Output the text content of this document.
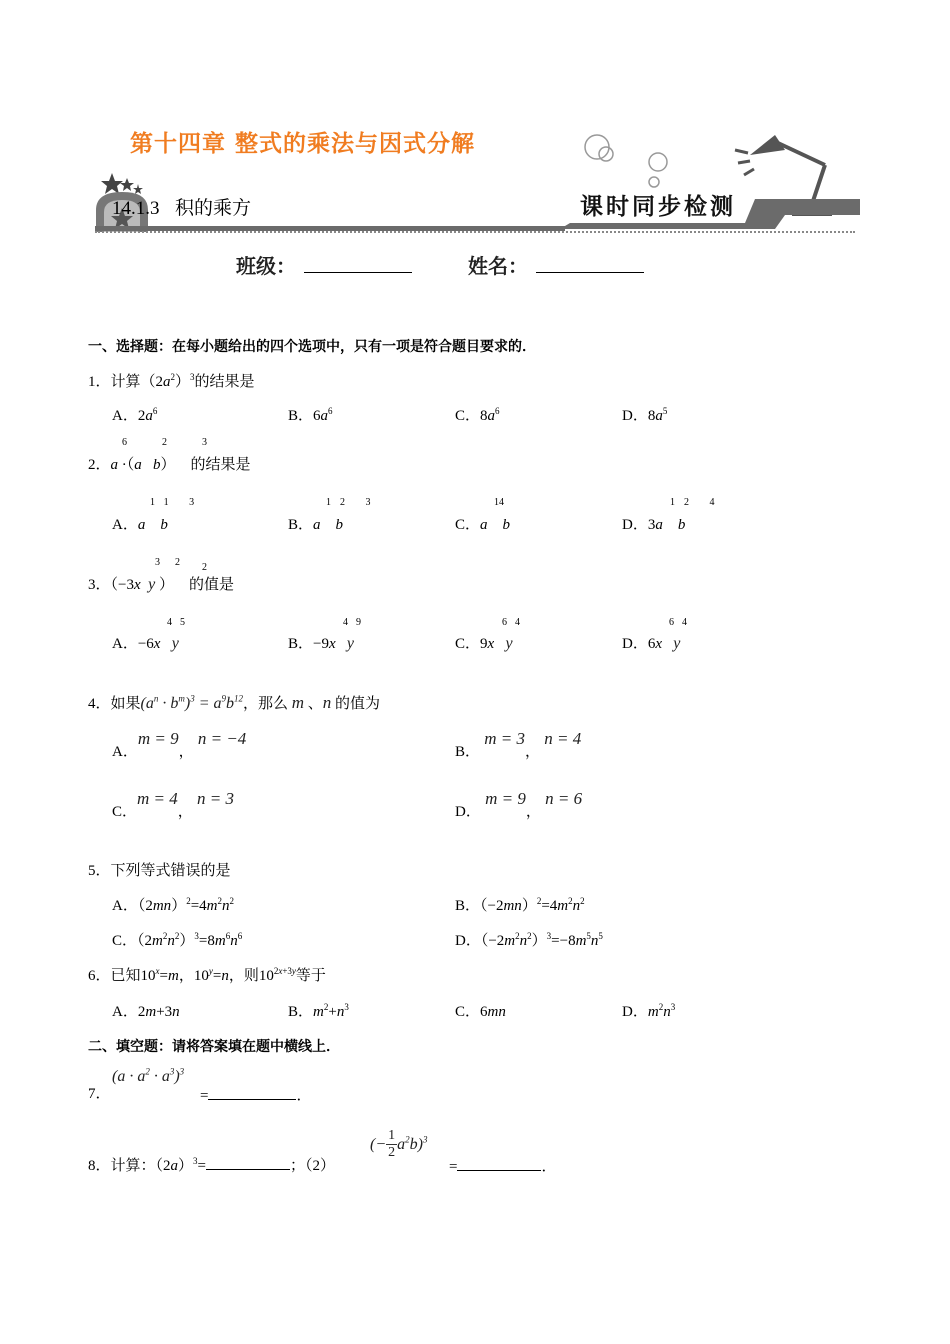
第十四章 整式的乘法与因式分解
14.1.3 积的乘方	课时同步检测
班级：	姓名：
一、选择题：在每小题给出的四个选项中，只有一项是符合题目要求的．
1．计算$(2a^2)^3$的结果是
A．$2a^6$	B．$6a^6$	C．$8a^6$	D．$8a^5$
2．a ·（a b）    的结果是
6	2	3
A．a b
11 3
B．a b
12 3
C．a b
14
D．3a b
12 4
3．（−3x y ）    的值是
3 2 2
A．−6x y
45
B．−9x y
49
C．9x y
64
D．6x y
64
4．如果$(a^n \cdot b^m)^3 = a^9b^{12}$，那么 m 、n 的值为
A．m = 9， n = −4
B． m = 3， n = 4
C．m = 4， n = 3
D． m = 9， n = 6
5．下列等式错误的是
A．$(2mn)^2=4m^2n^2$	B．$(-2mn)^2=4m^2n^2$
C．$(2m^2n^2)^3=8m^6n^6$	D．$(-2m^2n^2)^3=-8m^5n^5$
6．已知$10^x=m$，$10^y=n$，则$10^{2x+3y}$等于
A．2m+3n	B．$m^2+n^3$	C．6mn	D．$m^2n^3$
二、填空题：请将答案填在题中横线上．
7．
$(a \cdot a^2 \cdot a^3)^3$
=	．
8．计算：$(2a)^3=$	；（2）
(− $\frac{1}{2} a^2b)^3$
=	．
